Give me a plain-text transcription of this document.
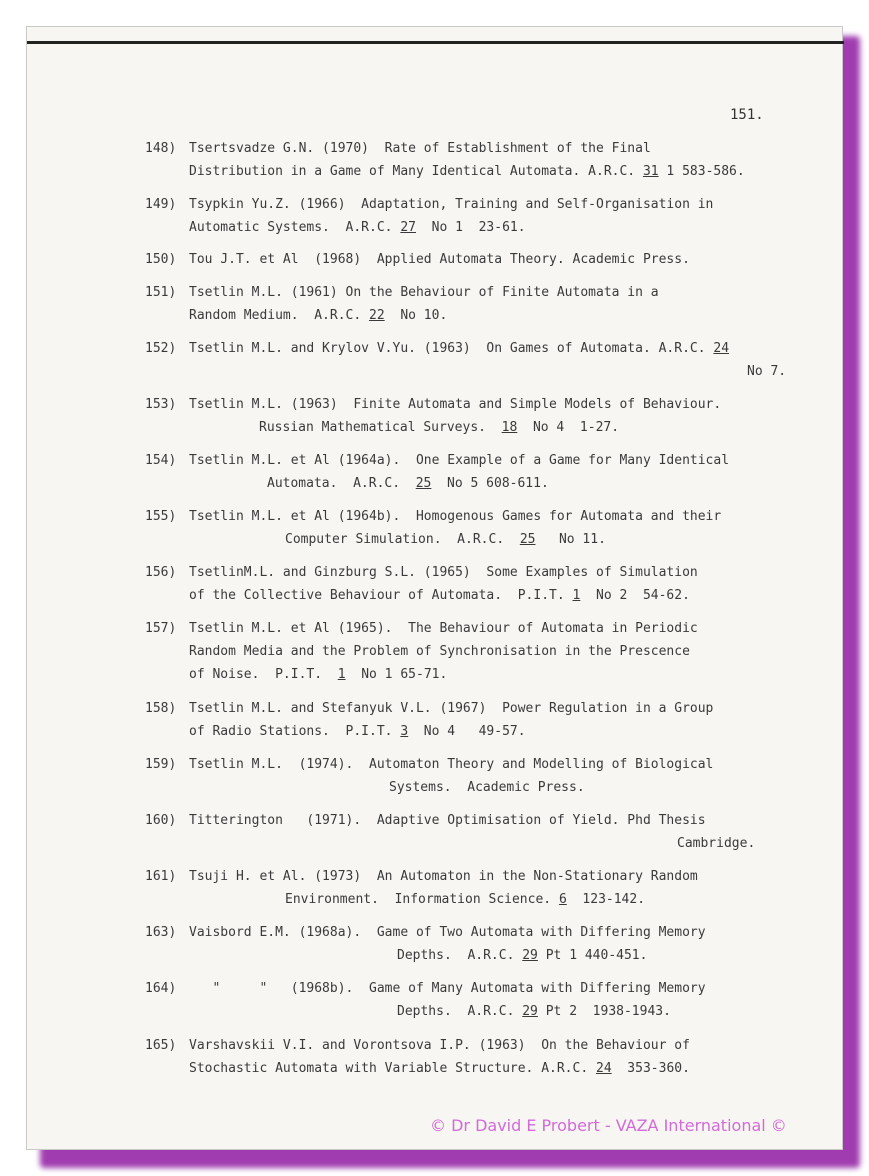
151.

148)

Tsertsvadze G.N. (1970)  Rate of Establishment of the Final

Distribution in a Game of Many Identical Automata. A.R.C. 31 1 583-586.

149)

Tsypkin Yu.Z. (1966)  Adaptation, Training and Self-Organisation in

Automatic Systems.  A.R.C. 27  No 1  23-61.

150)

Tou J.T. et Al  (1968)  Applied Automata Theory. Academic Press.

151)

Tsetlin M.L. (1961) On the Behaviour of Finite Automata in a

Random Medium.  A.R.C. 22  No 10.

152)

Tsetlin M.L. and Krylov V.Yu. (1963)  On Games of Automata. A.R.C. 24

No 7.

153)

Tsetlin M.L. (1963)  Finite Automata and Simple Models of Behaviour.

Russian Mathematical Surveys.  18  No 4  1-27.

154)

Tsetlin M.L. et Al (1964a).  One Example of a Game for Many Identical

Automata.  A.R.C.  25  No 5 608-611.

155)

Tsetlin M.L. et Al (1964b).  Homogenous Games for Automata and their

Computer Simulation.  A.R.C.  25   No 11.

156)

TsetlinM.L. and Ginzburg S.L. (1965)  Some Examples of Simulation

of the Collective Behaviour of Automata.  P.I.T. 1  No 2  54-62.

157)

Tsetlin M.L. et Al (1965).  The Behaviour of Automata in Periodic

Random Media and the Problem of Synchronisation in the Prescence

of Noise.  P.I.T.  1  No 1 65-71.

158)

Tsetlin M.L. and Stefanyuk V.L. (1967)  Power Regulation in a Group

of Radio Stations.  P.I.T. 3  No 4   49-57.

159)

Tsetlin M.L.  (1974).  Automaton Theory and Modelling of Biological

Systems.  Academic Press.

160)

Titterington   (1971).  Adaptive Optimisation of Yield. Phd Thesis

Cambridge.

161)

Tsuji H. et Al. (1973)  An Automaton in the Non-Stationary Random

Environment.  Information Science. 6  123-142.

163)

Vaisbord E.M. (1968a).  Game of Two Automata with Differing Memory

Depths.  A.R.C. 29 Pt 1 440-451.

164)

"     "   (1968b).  Game of Many Automata with Differing Memory

Depths.  A.R.C. 29 Pt 2  1938-1943.

165)

Varshavskii V.I. and Vorontsova I.P. (1963)  On the Behaviour of

Stochastic Automata with Variable Structure. A.R.C. 24  353-360.

© Dr David E Probert - VAZA International ©
